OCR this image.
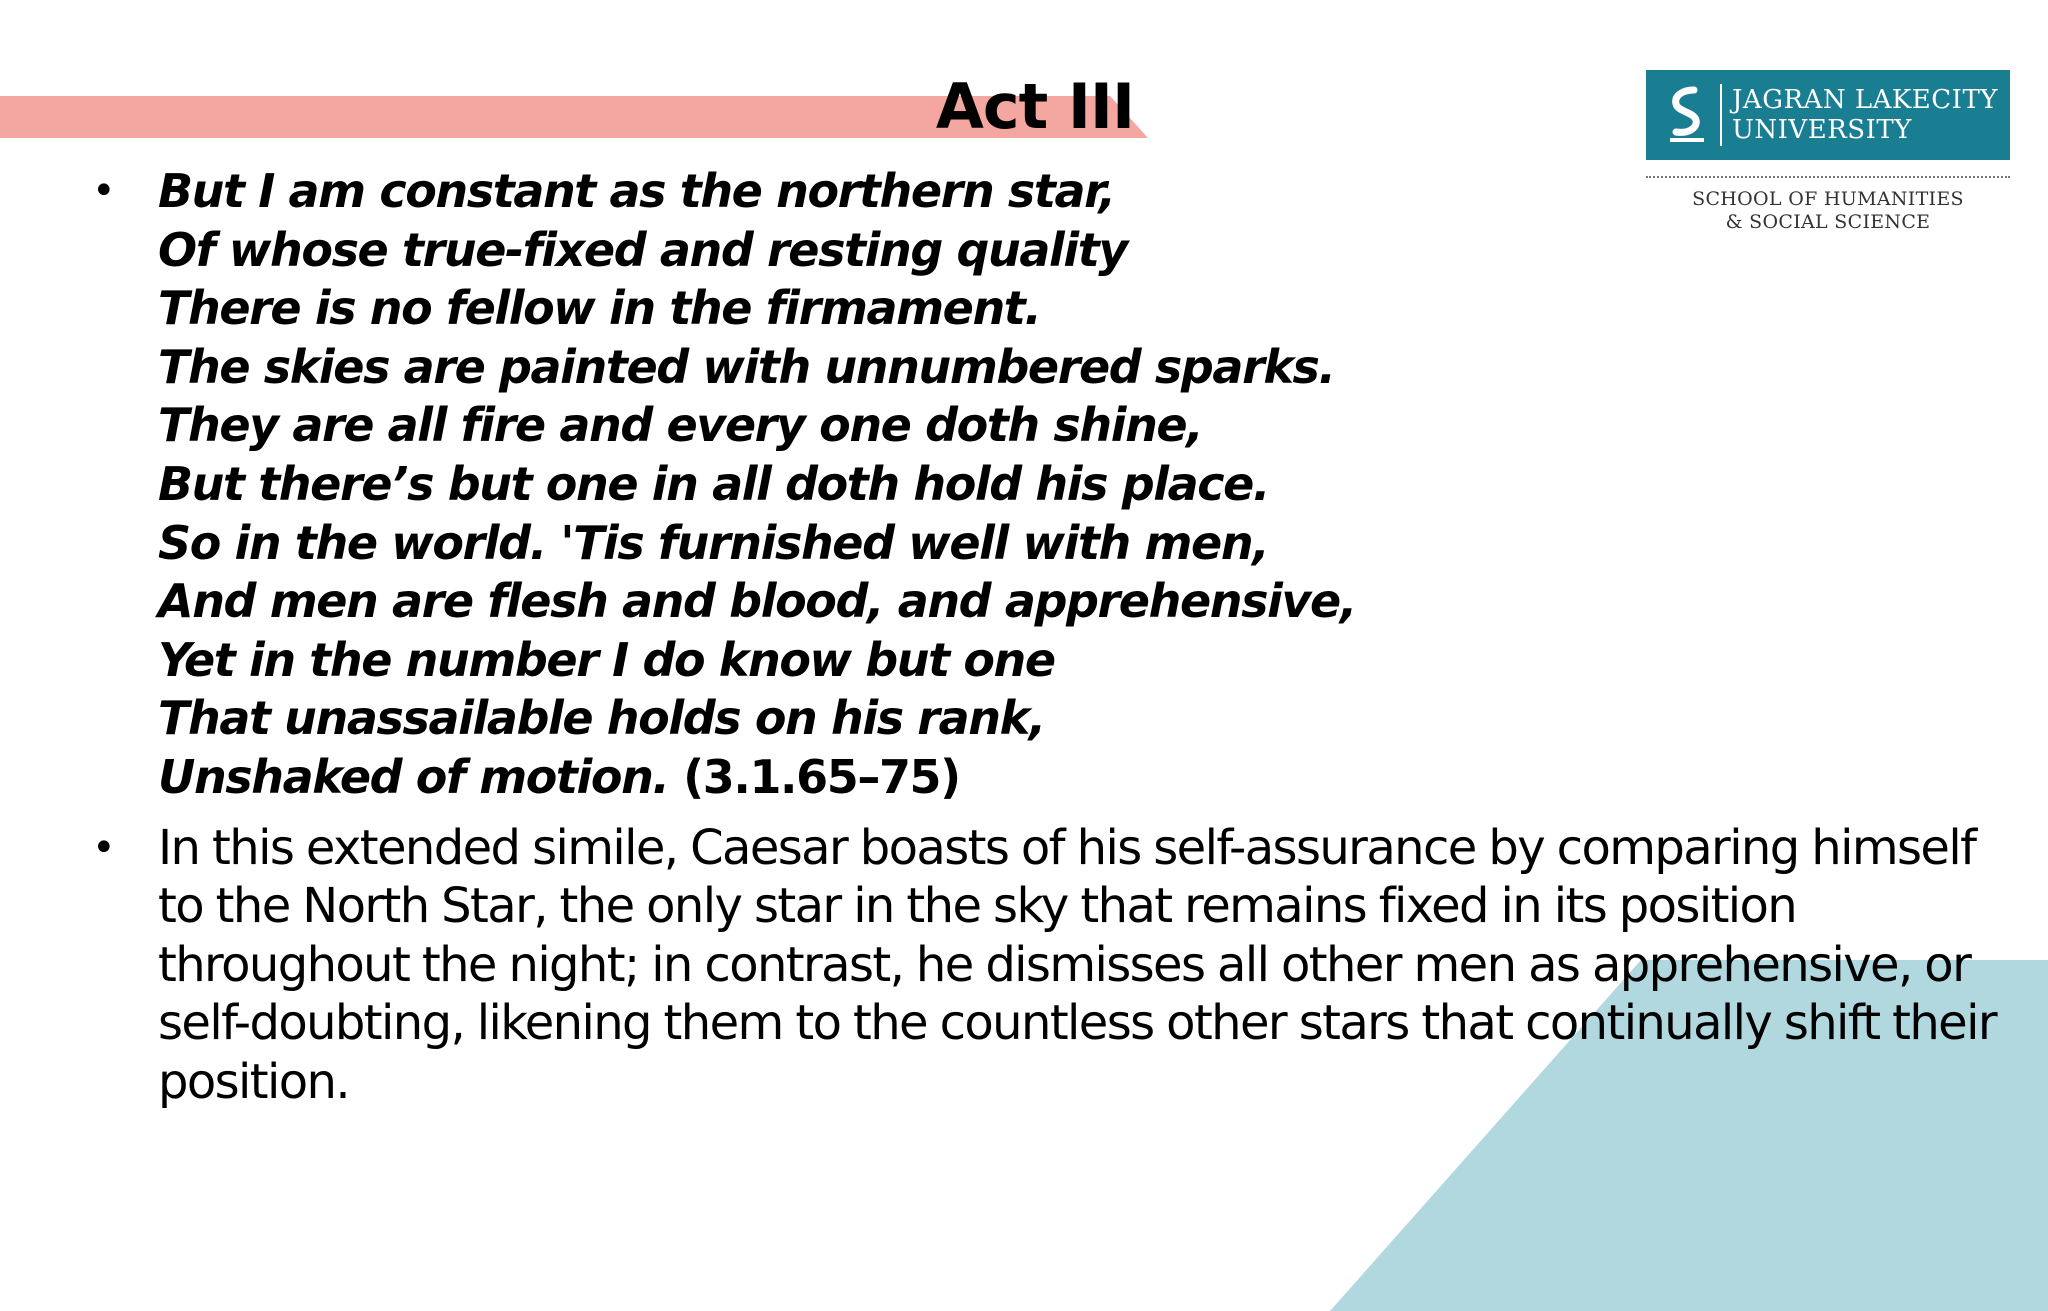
Act III	JAGRAN LAKECITY
UNIVERSITY
SCHOOL OF HUMANITIES
& SOCIAL SCIENCE
• But I am constant as the northern star,
Of whose true-fixed and resting quality
There is no fellow in the firmament.
The skies are painted with unnumbered sparks.
They are all fire and every one doth shine,
But there’s but one in all doth hold his place.
So in the world. 'Tis furnished well with men,
And men are flesh and blood, and apprehensive,
Yet in the number I do know but one
That unassailable holds on his rank,
Unshaked of motion. (3.1.65–75)
• In this extended simile, Caesar boasts of his self-assurance by comparing himself to the North Star, the only star in the sky that remains fixed in its position throughout the night; in contrast, he dismisses all other men as apprehensive, or self-doubting, likening them to the countless other stars that continually shift their position.
